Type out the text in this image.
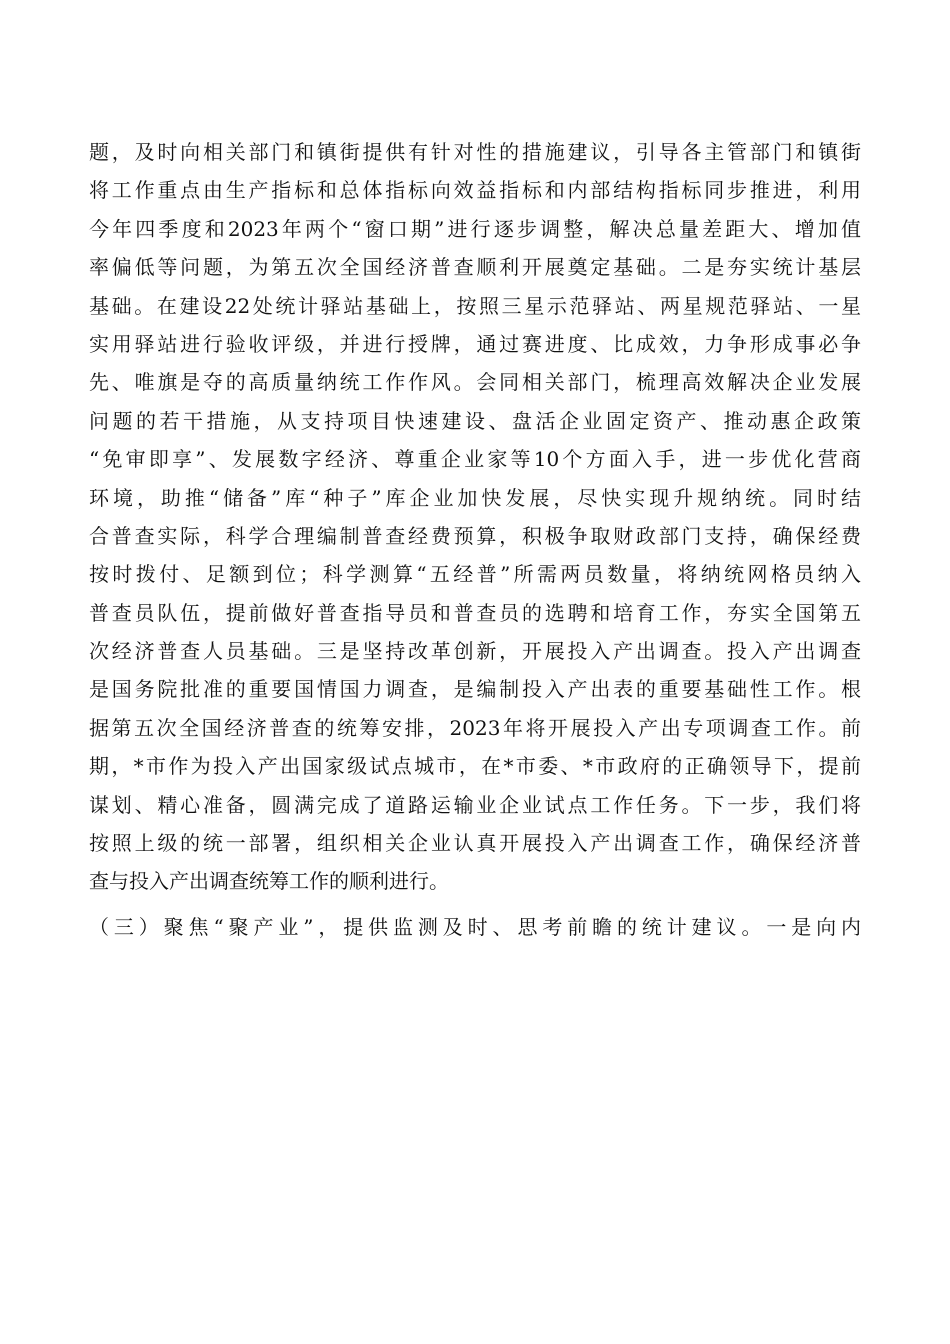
题，及时向相关部门和镇街提供有针对性的措施建议，引导各主管部门和镇街
将工作重点由生产指标和总体指标向效益指标和内部结构指标同步推进，利用
今年四季度和2023年两个“窗口期”进行逐步调整，解决总量差距大、增加值
率偏低等问题，为第五次全国经济普查顺利开展奠定基础。二是夯实统计基层
基础。在建设22处统计驿站基础上，按照三星示范驿站、两星规范驿站、一星
实用驿站进行验收评级，并进行授牌，通过赛进度、比成效，力争形成事必争
先、唯旗是夺的高质量纳统工作作风。会同相关部门，梳理高效解决企业发展
问题的若干措施，从支持项目快速建设、盘活企业固定资产、推动惠企政策
“免审即享”、发展数字经济、尊重企业家等10个方面入手，进一步优化营商
环境，助推“储备”库“种子”库企业加快发展，尽快实现升规纳统。同时结
合普查实际，科学合理编制普查经费预算，积极争取财政部门支持，确保经费
按时拨付、足额到位；科学测算“五经普”所需两员数量，将纳统网格员纳入
普查员队伍，提前做好普查指导员和普查员的选聘和培育工作，夯实全国第五
次经济普查人员基础。三是坚持改革创新，开展投入产出调查。投入产出调查
是国务院批准的重要国情国力调查，是编制投入产出表的重要基础性工作。根
据第五次全国经济普查的统筹安排，2023年将开展投入产出专项调查工作。前
期，*市作为投入产出国家级试点城市，在*市委、*市政府的正确领导下，提前
谋划、精心准备，圆满完成了道路运输业企业试点工作任务。下一步，我们将
按照上级的统一部署，组织相关企业认真开展投入产出调查工作，确保经济普
查与投入产出调查统筹工作的顺利进行。
（三）聚焦“聚产业”，提供监测及时、思考前瞻的统计建议。一是向内
